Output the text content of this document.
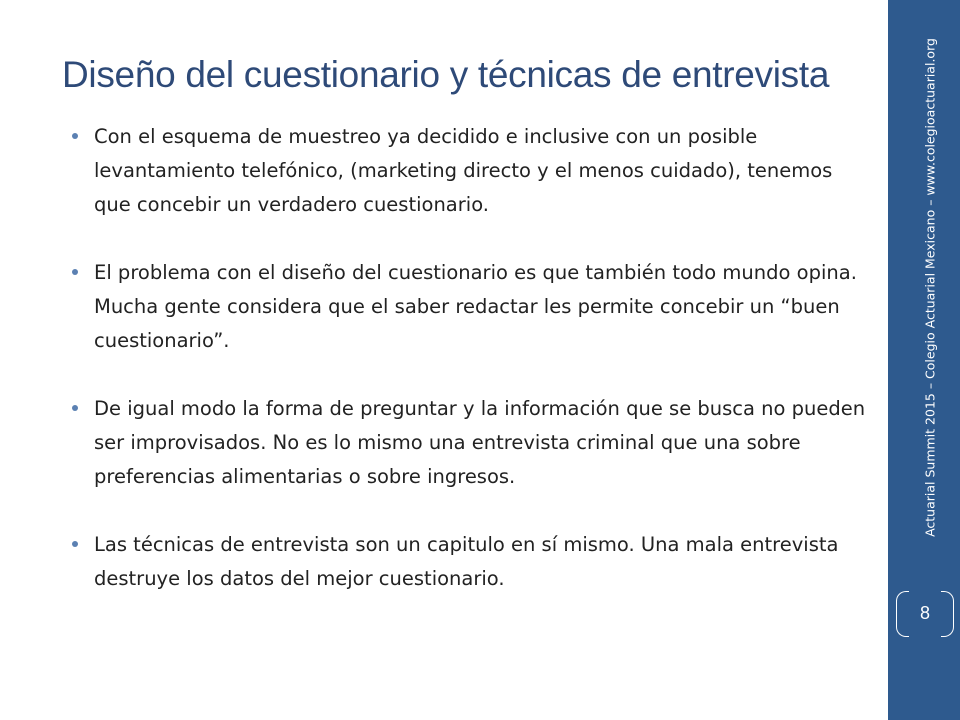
Diseño del cuestionario y técnicas de entrevista
Con el esquema de muestreo ya decidido e inclusive con un posible levantamiento telefónico, (marketing directo y el menos cuidado), tenemos que concebir un verdadero cuestionario.
El problema con el diseño del cuestionario es que también todo mundo opina. Mucha gente considera que el saber redactar les permite concebir un “buen cuestionario”.
De igual modo la forma de preguntar y la información que se busca no pueden ser improvisados. No es lo mismo una entrevista criminal que una sobre preferencias alimentarias o sobre ingresos.
Las técnicas de entrevista son un capitulo en sí mismo. Una mala entrevista destruye los datos del mejor cuestionario.
Actuarial Summit 2015 – Colegio Actuarial Mexicano – www.colegioactuarial.org
8
